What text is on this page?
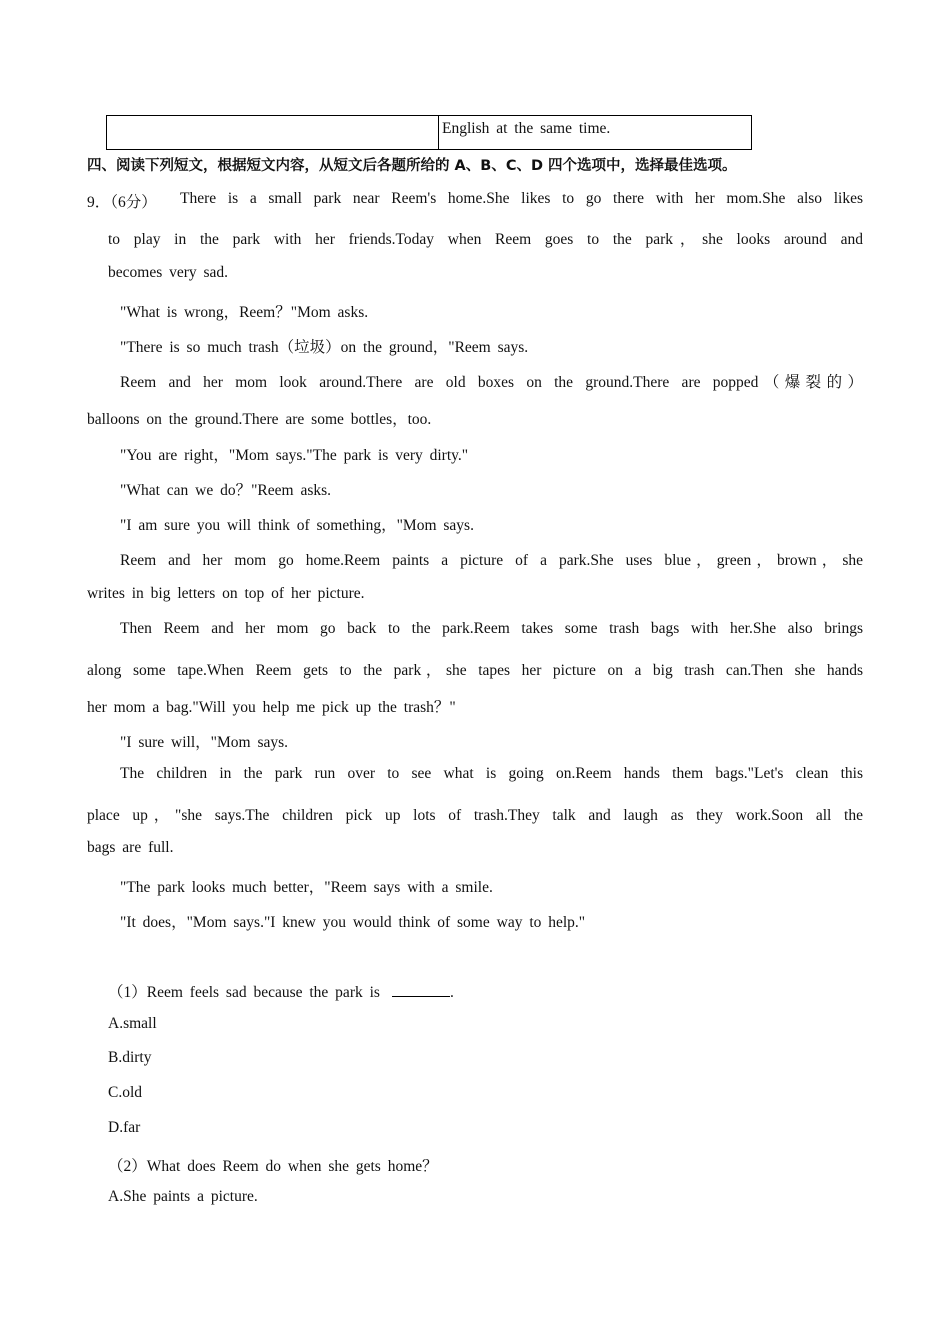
	English at the same time.
四、阅读下列短文，根据短文内容，从短文后各题所给的 A、B、C、D 四个选项中，选择最佳选项。
9．（6分） There is a small park near Reem's home.She likes to go there with her mom.She also likes
to play in the park with her friends.Today when Reem goes to the park，she looks around and
becomes very sad.
"What is wrong，Reem？"Mom asks.
"There is so much trash（垃圾）on the ground，"Reem says.
Reem and her mom look around.There are old boxes on the ground.There are popped（爆裂的）
balloons on the ground.There are some bottles，too.
"You are right，"Mom says."The park is very dirty."
"What can we do？"Reem asks.
"I am sure you will think of something，"Mom says.
Reem and her mom go home.Reem paints a picture of a park.She uses blue，green，brown，she
writes in big letters on top of her picture.
Then Reem and her mom go back to the park.Reem takes some trash bags with her.She also brings
along some tape.When Reem gets to the park，she tapes her picture on a big trash can.Then she hands
her mom a bag."Will you help me pick up the trash？"
"I sure will，"Mom says.
The children in the park run over to see what is going on.Reem hands them bags."Let's clean this
place up，"she says.The children pick up lots of trash.They talk and laugh as they work.Soon all the
bags are full.
"The park looks much better，"Reem says with a smile.
"It does，"Mom says."I knew you would think of some way to help."
（1）Reem feels sad because the park is	.
A.small
B.dirty
C.old
D.far
（2）What does Reem do when she gets home？
A.She paints a picture.
